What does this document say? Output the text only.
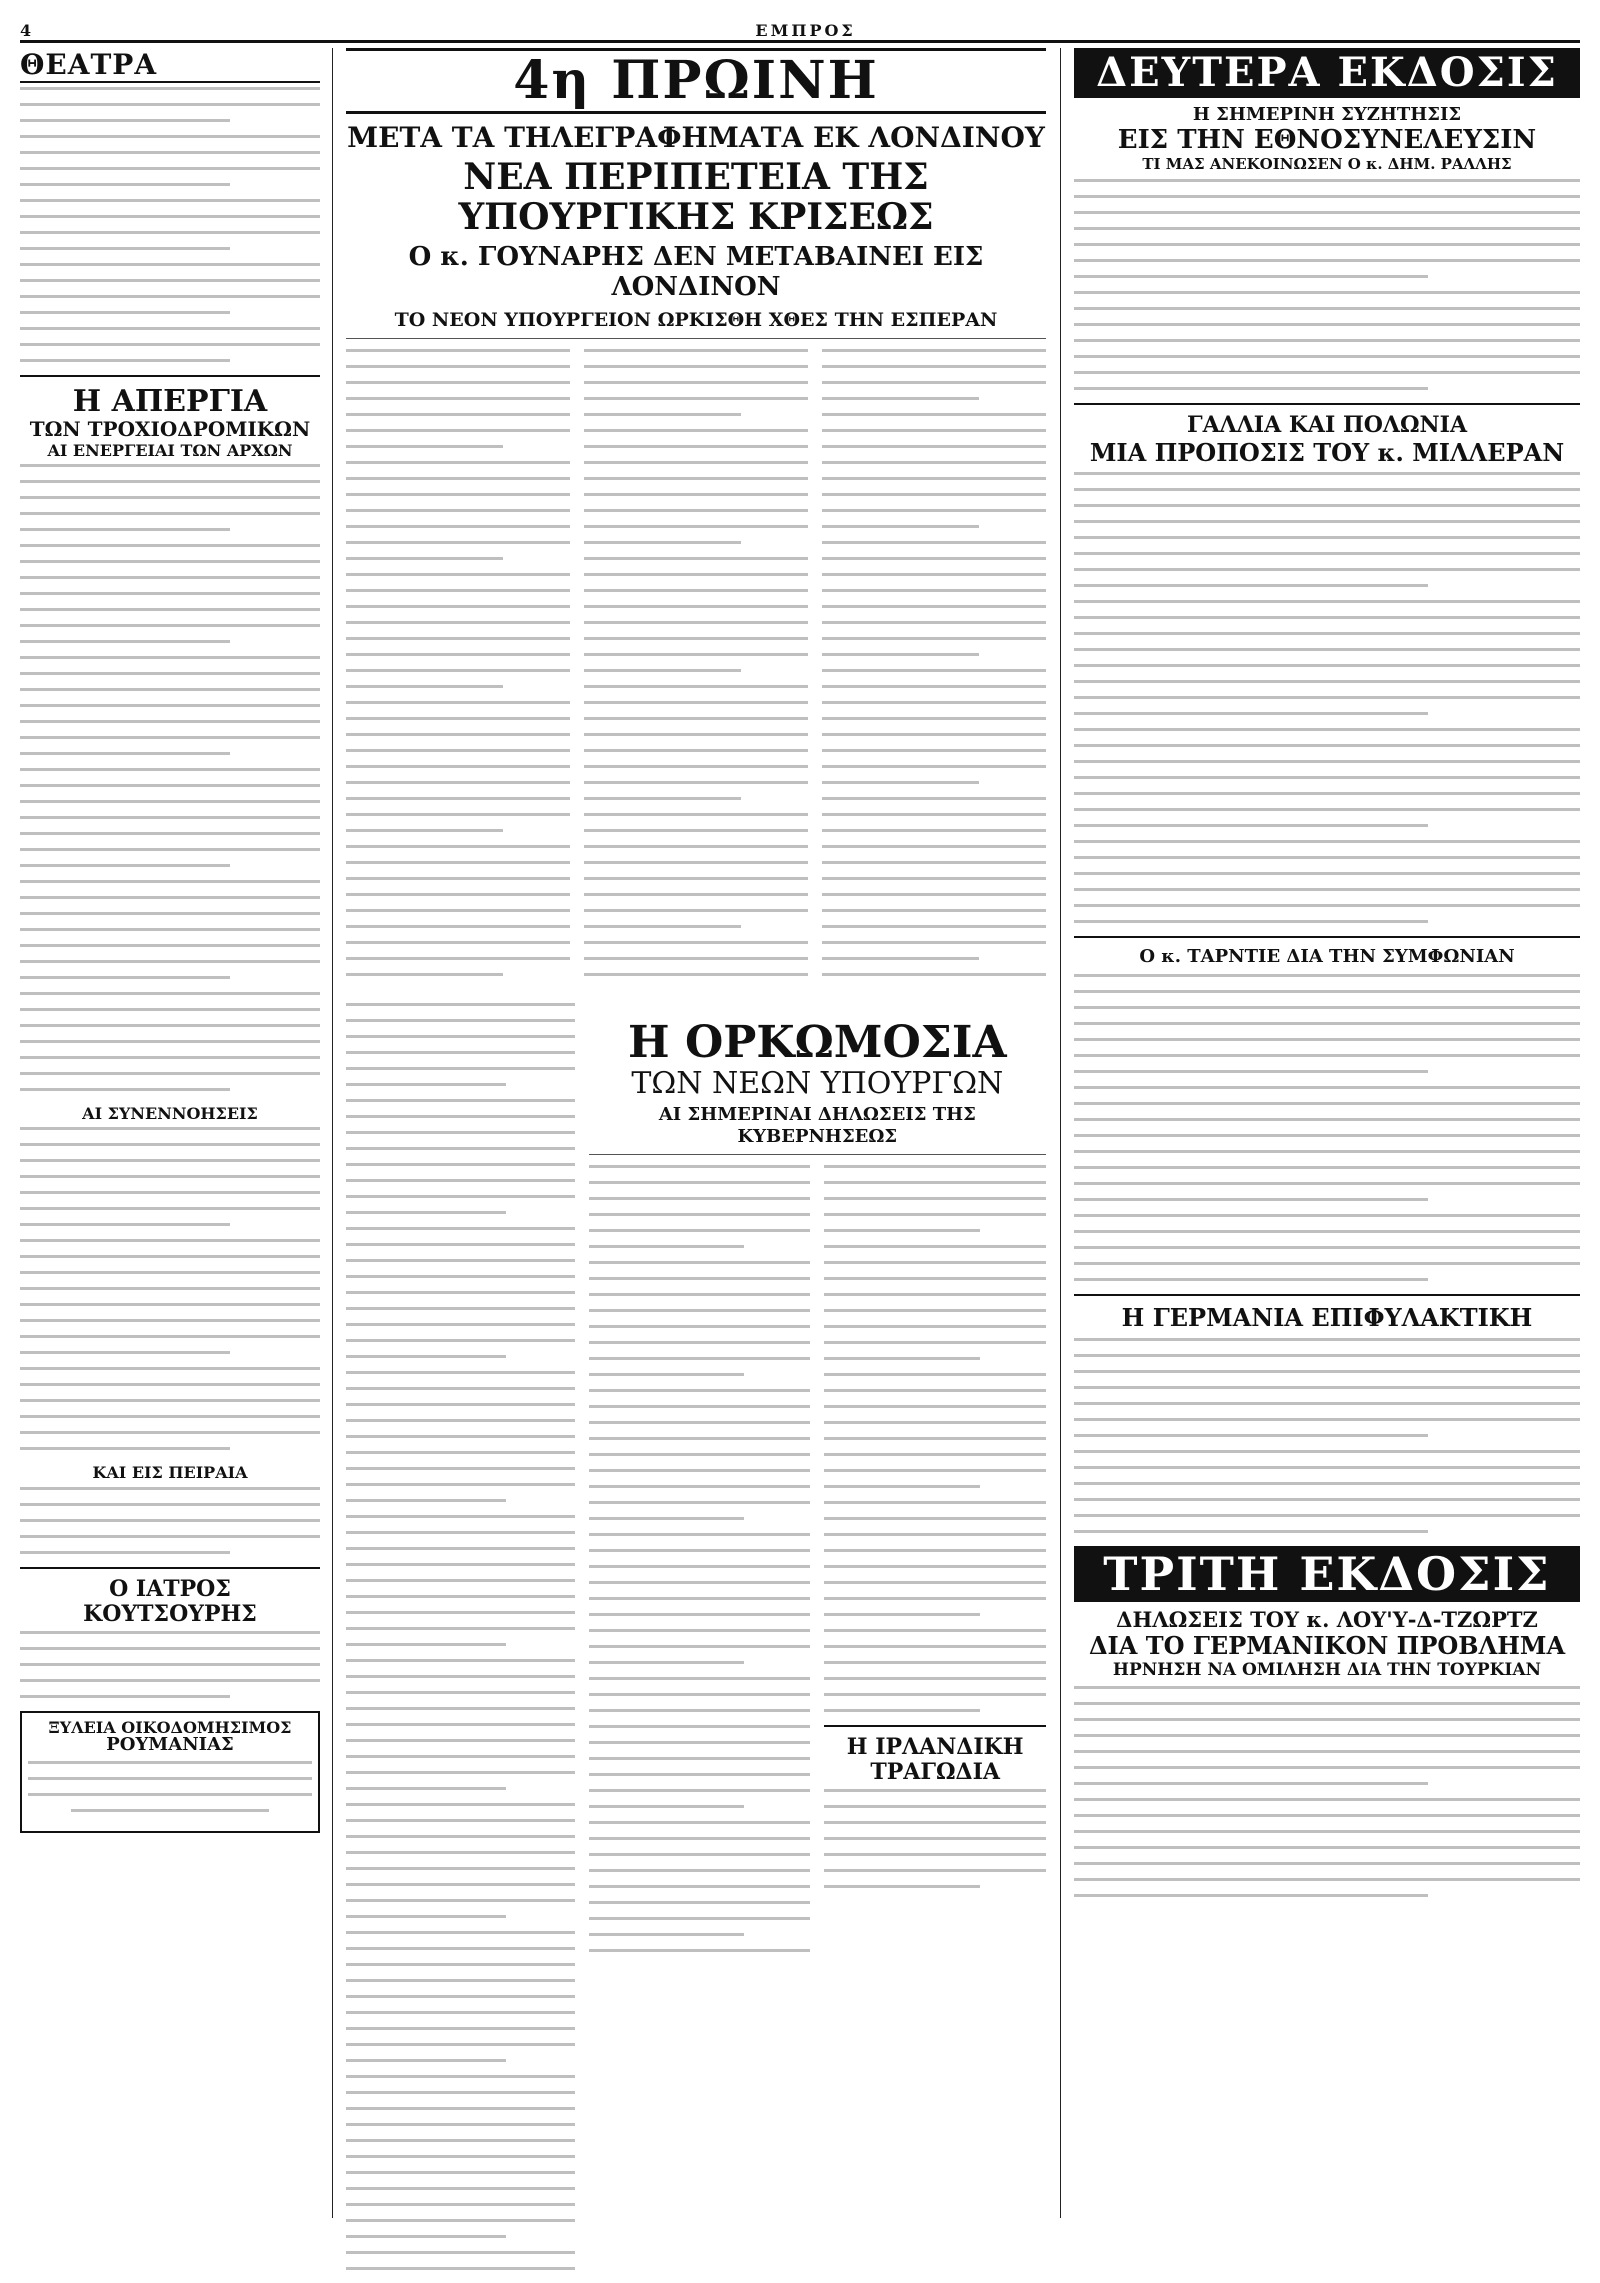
4	ΕΜΠΡΟΣ
ΘΕΑΤΡΑ
Η ΑΠΕΡΓΙΑ
ΤΩΝ ΤΡΟΧΙΟΔΡΟΜΙΚΩΝ
ΑΙ ΕΝΕΡΓΕΙΑΙ ΤΩΝ ΑΡΧΩΝ
ΑΙ ΣΥΝΕΝΝΟΗΣΕΙΣ
ΚΑΙ ΕΙΣ ΠΕΙΡΑΙΑ
Ο ΙΑΤΡΟΣ ΚΟΥΤΣΟΥΡΗΣ
ΞΥΛΕΙΑ ΟΙΚΟΔΟΜΗΣΙΜΟΣ
ΡΟΥΜΑΝΙΑΣ
4η ΠΡΩΙΝΗ
ΜΕΤΑ ΤΑ ΤΗΛΕΓΡΑΦΗΜΑΤΑ ΕΚ ΛΟΝΔΙΝΟΥ
ΝΕΑ ΠΕΡΙΠΕΤΕΙΑ ΤΗΣ ΥΠΟΥΡΓΙΚΗΣ ΚΡΙΣΕΩΣ
Ο κ. ΓΟΥΝΑΡΗΣ ΔΕΝ ΜΕΤΑΒΑΙΝΕΙ ΕΙΣ ΛΟΝΔΙΝΟΝ
ΤΟ ΝΕΟΝ ΥΠΟΥΡΓΕΙΟΝ ΩΡΚΙΣΘΗ ΧΘΕΣ ΤΗΝ ΕΣΠΕΡΑΝ
Η ΟΡΚΩΜΟΣΙΑ
ΤΩΝ ΝΕΩΝ ΥΠΟΥΡΓΩΝ
ΑΙ ΣΗΜΕΡΙΝΑΙ ΔΗΛΩΣΕΙΣ ΤΗΣ ΚΥΒΕΡΝΗΣΕΩΣ
Η ΙΡΛΑΝΔΙΚΗ ΤΡΑΓΩΔΙΑ
ΔΕΥΤΕΡΑ ΕΚΔΟΣΙΣ
Η ΣΗΜΕΡΙΝΗ ΣΥΖΗΤΗΣΙΣ
ΕΙΣ ΤΗΝ ΕΘΝΟΣΥΝΕΛΕΥΣΙΝ
ΤΙ ΜΑΣ ΑΝΕΚΟΙΝΩΣΕΝ Ο κ. ΔΗΜ. ΡΑΛΛΗΣ
ΓΑΛΛΙΑ ΚΑΙ ΠΟΛΩΝΙΑ
ΜΙΑ ΠΡΟΠΟΣΙΣ ΤΟΥ κ. ΜΙΛΛΕΡΑΝ
Ο κ. ΤΑΡΝΤΙΕ ΔΙΑ ΤΗΝ ΣΥΜΦΩΝΙΑΝ
Η ΓΕΡΜΑΝΙΑ ΕΠΙΦΥΛΑΚΤΙΚΗ
ΤΡΙΤΗ ΕΚΔΟΣΙΣ
ΔΗΛΩΣΕΙΣ ΤΟΥ κ. ΛΟΥ'Υ-Δ-ΤΖΩΡΤΖ
ΔΙΑ ΤΟ ΓΕΡΜΑΝΙΚΟΝ ΠΡΟΒΛΗΜΑ
ΗΡΝΗΣΗ ΝΑ ΟΜΙΛΗΣΗ ΔΙΑ ΤΗΝ ΤΟΥΡΚΙΑΝ
